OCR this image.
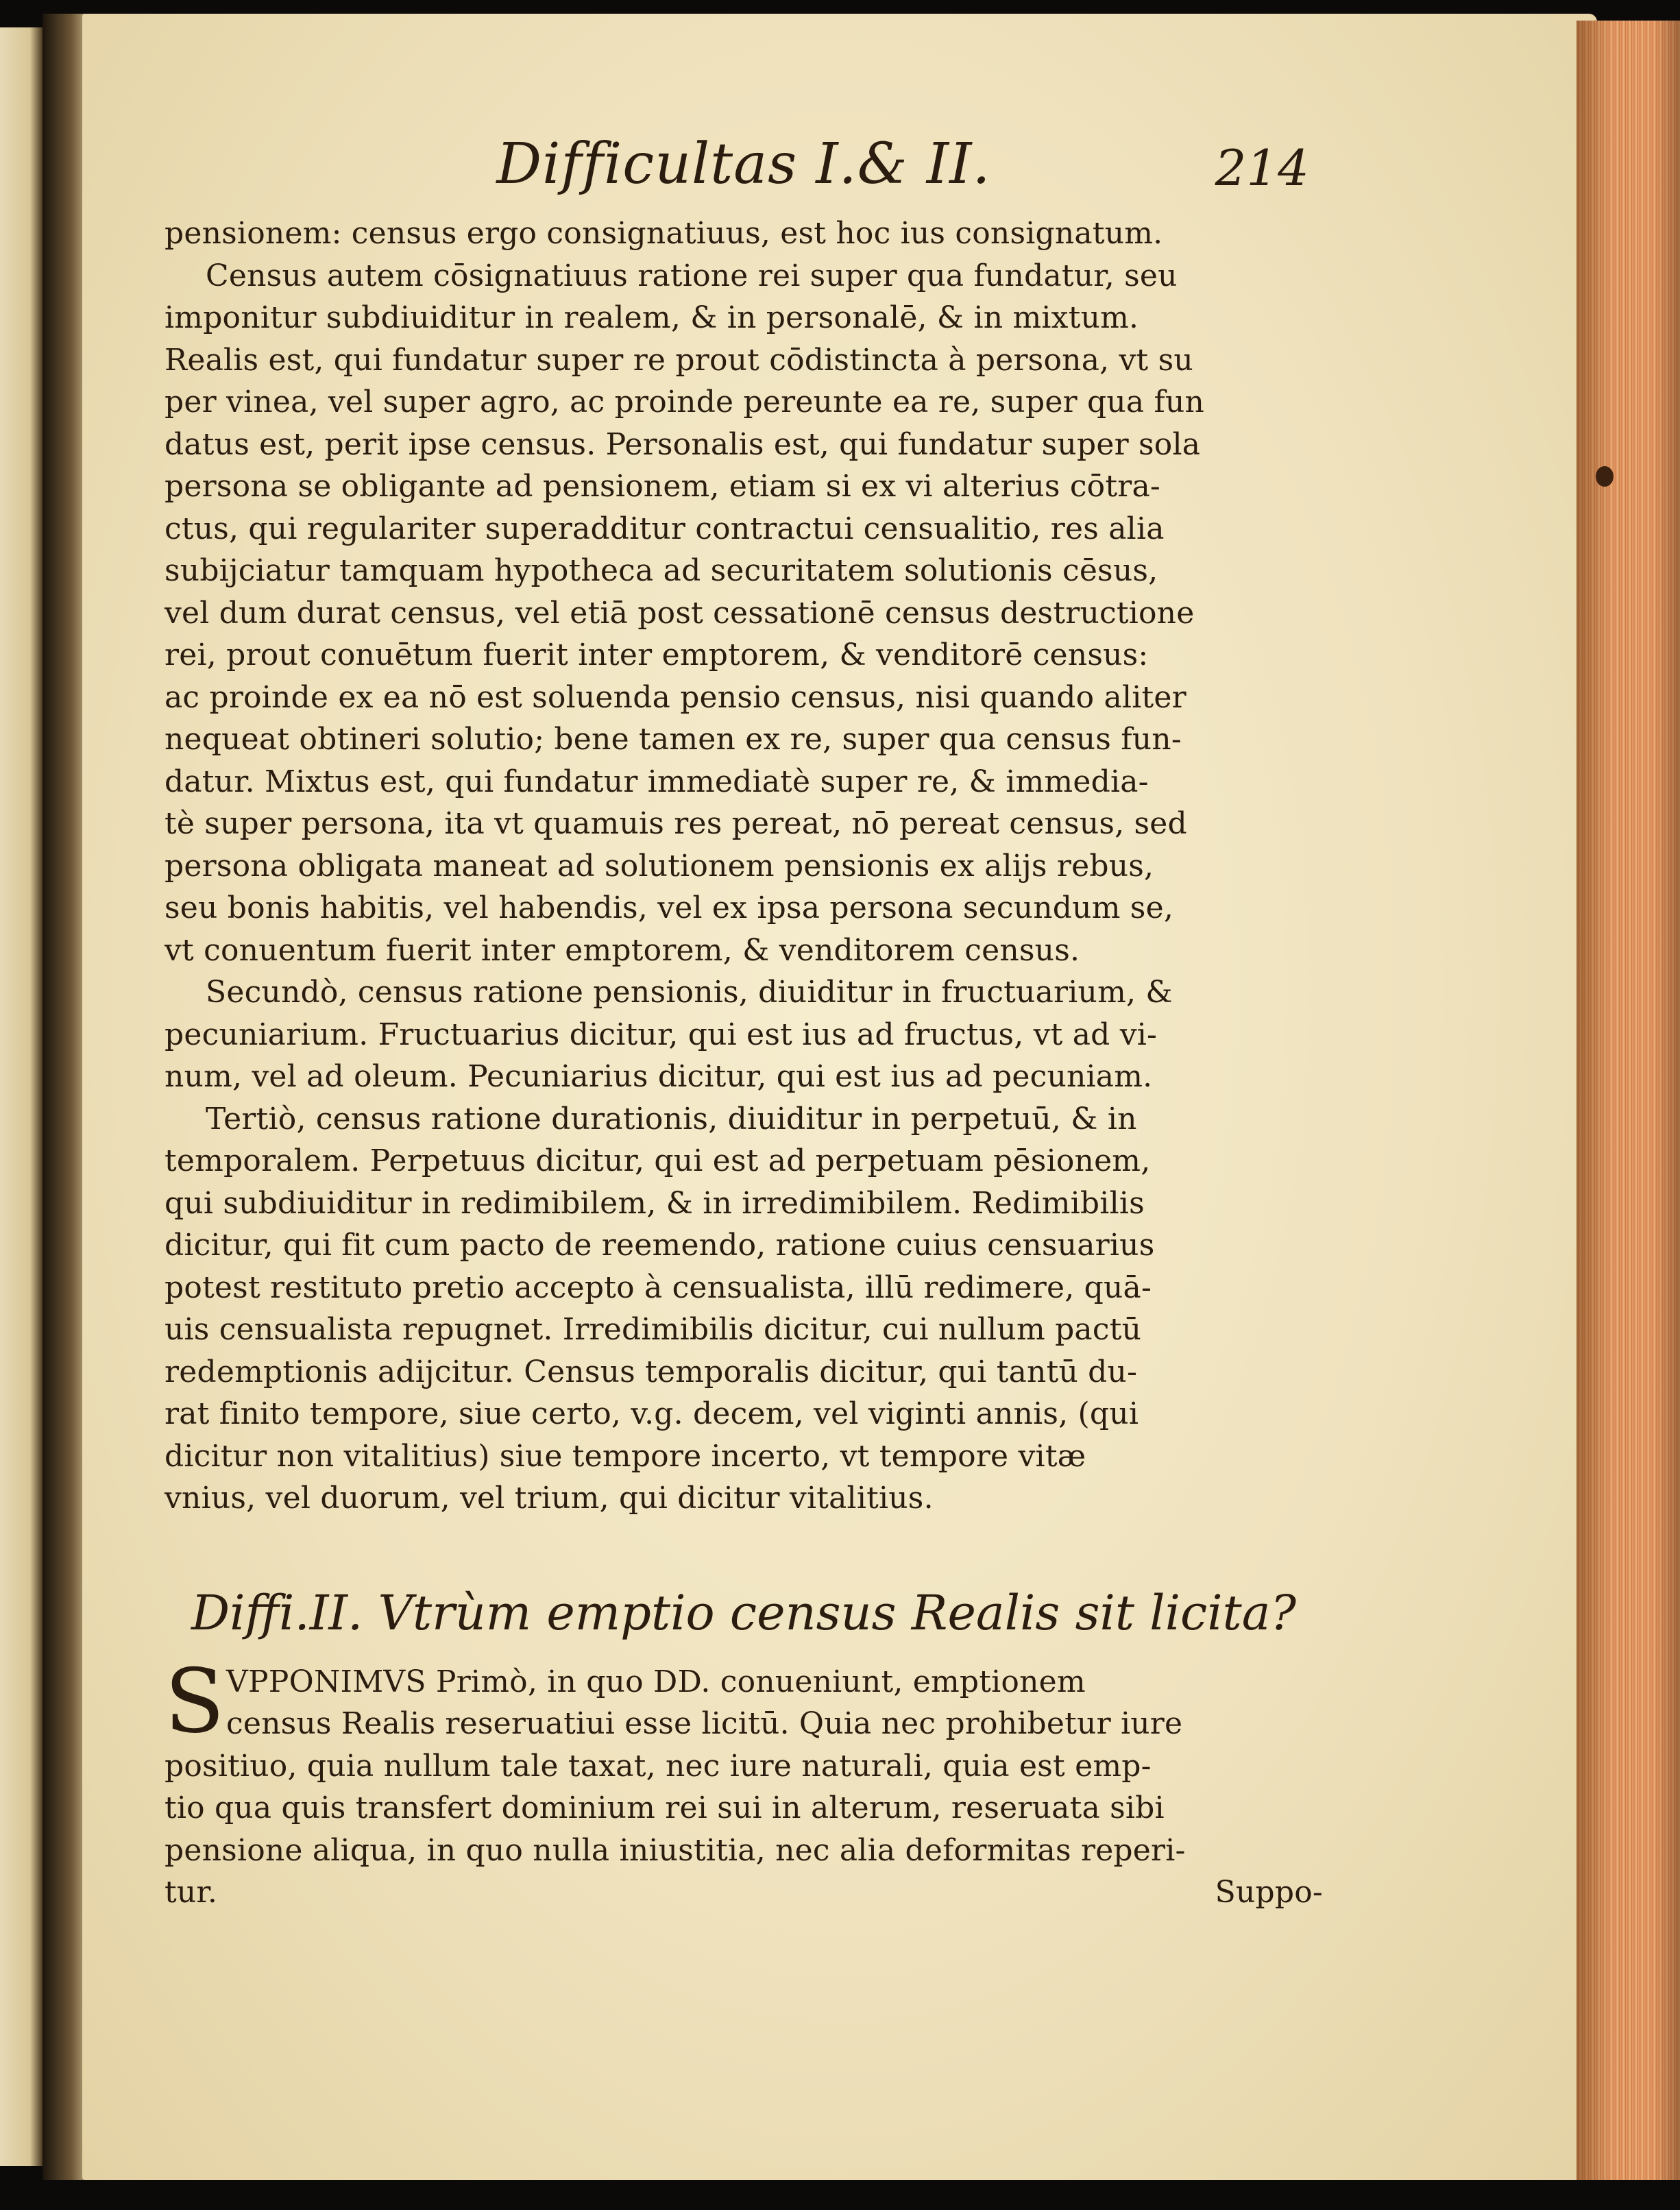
Difficultas I.& II.	214
pensionem: census ergo consignatiuus, est hoc ius consignatum.
Census autem cōsignatiuus ratione rei super qua fundatur, seu
imponitur subdiuiditur in realem, & in personalē, & in mixtum.
Realis est, qui fundatur super re prout cōdistincta à persona, vt su
per vinea, vel super agro, ac proinde pereunte ea re, super qua fun
datus est, perit ipse census. Personalis est, qui fundatur super sola
persona se obligante ad pensionem, etiam si ex vi alterius cōtra-
ctus, qui regulariter superadditur contractui censualitio, res alia
subijciatur tamquam hypotheca ad securitatem solutionis cēsus,
vel dum durat census, vel etiā post cessationē census destructione
rei, prout conuētum fuerit inter emptorem, & venditorē census:
ac proinde ex ea nō est soluenda pensio census, nisi quando aliter
nequeat obtineri solutio; bene tamen ex re, super qua census fun-
datur. Mixtus est, qui fundatur immediatè super re, & immedia-
tè super persona, ita vt quamuis res pereat, nō pereat census, sed
persona obligata maneat ad solutionem pensionis ex alijs rebus,
seu bonis habitis, vel habendis, vel ex ipsa persona secundum se,
vt conuentum fuerit inter emptorem, & venditorem census.
Secundò, census ratione pensionis, diuiditur in fructuarium, &
pecuniarium. Fructuarius dicitur, qui est ius ad fructus, vt ad vi-
num, vel ad oleum. Pecuniarius dicitur, qui est ius ad pecuniam.
Tertiò, census ratione durationis, diuiditur in perpetuū, & in
temporalem. Perpetuus dicitur, qui est ad perpetuam pēsionem,
qui subdiuiditur in redimibilem, & in irredimibilem. Redimibilis
dicitur, qui fit cum pacto de reemendo, ratione cuius censuarius
potest restituto pretio accepto à censualista, illū redimere, quā-
uis censualista repugnet. Irredimibilis dicitur, cui nullum pactū
redemptionis adijcitur. Census temporalis dicitur, qui tantū du-
rat finito tempore, siue certo, v.g. decem, vel viginti annis, (qui
dicitur non vitalitius) siue tempore incerto, vt tempore vitæ
vnius, vel duorum, vel trium, qui dicitur vitalitius.
Diffi.II. Vtrùm emptio census Realis sit licita?
S VPPONIMVS Primò, in quo DD. conueniunt, emptionem
census Realis reseruatiui esse licitū. Quia nec prohibetur iure
positiuo, quia nullum tale taxat, nec iure naturali, quia est emp-
tio qua quis transfert dominium rei sui in alterum, reseruata sibi
pensione aliqua, in quo nulla iniustitia, nec alia deformitas reperi-
tur.	Suppo-
